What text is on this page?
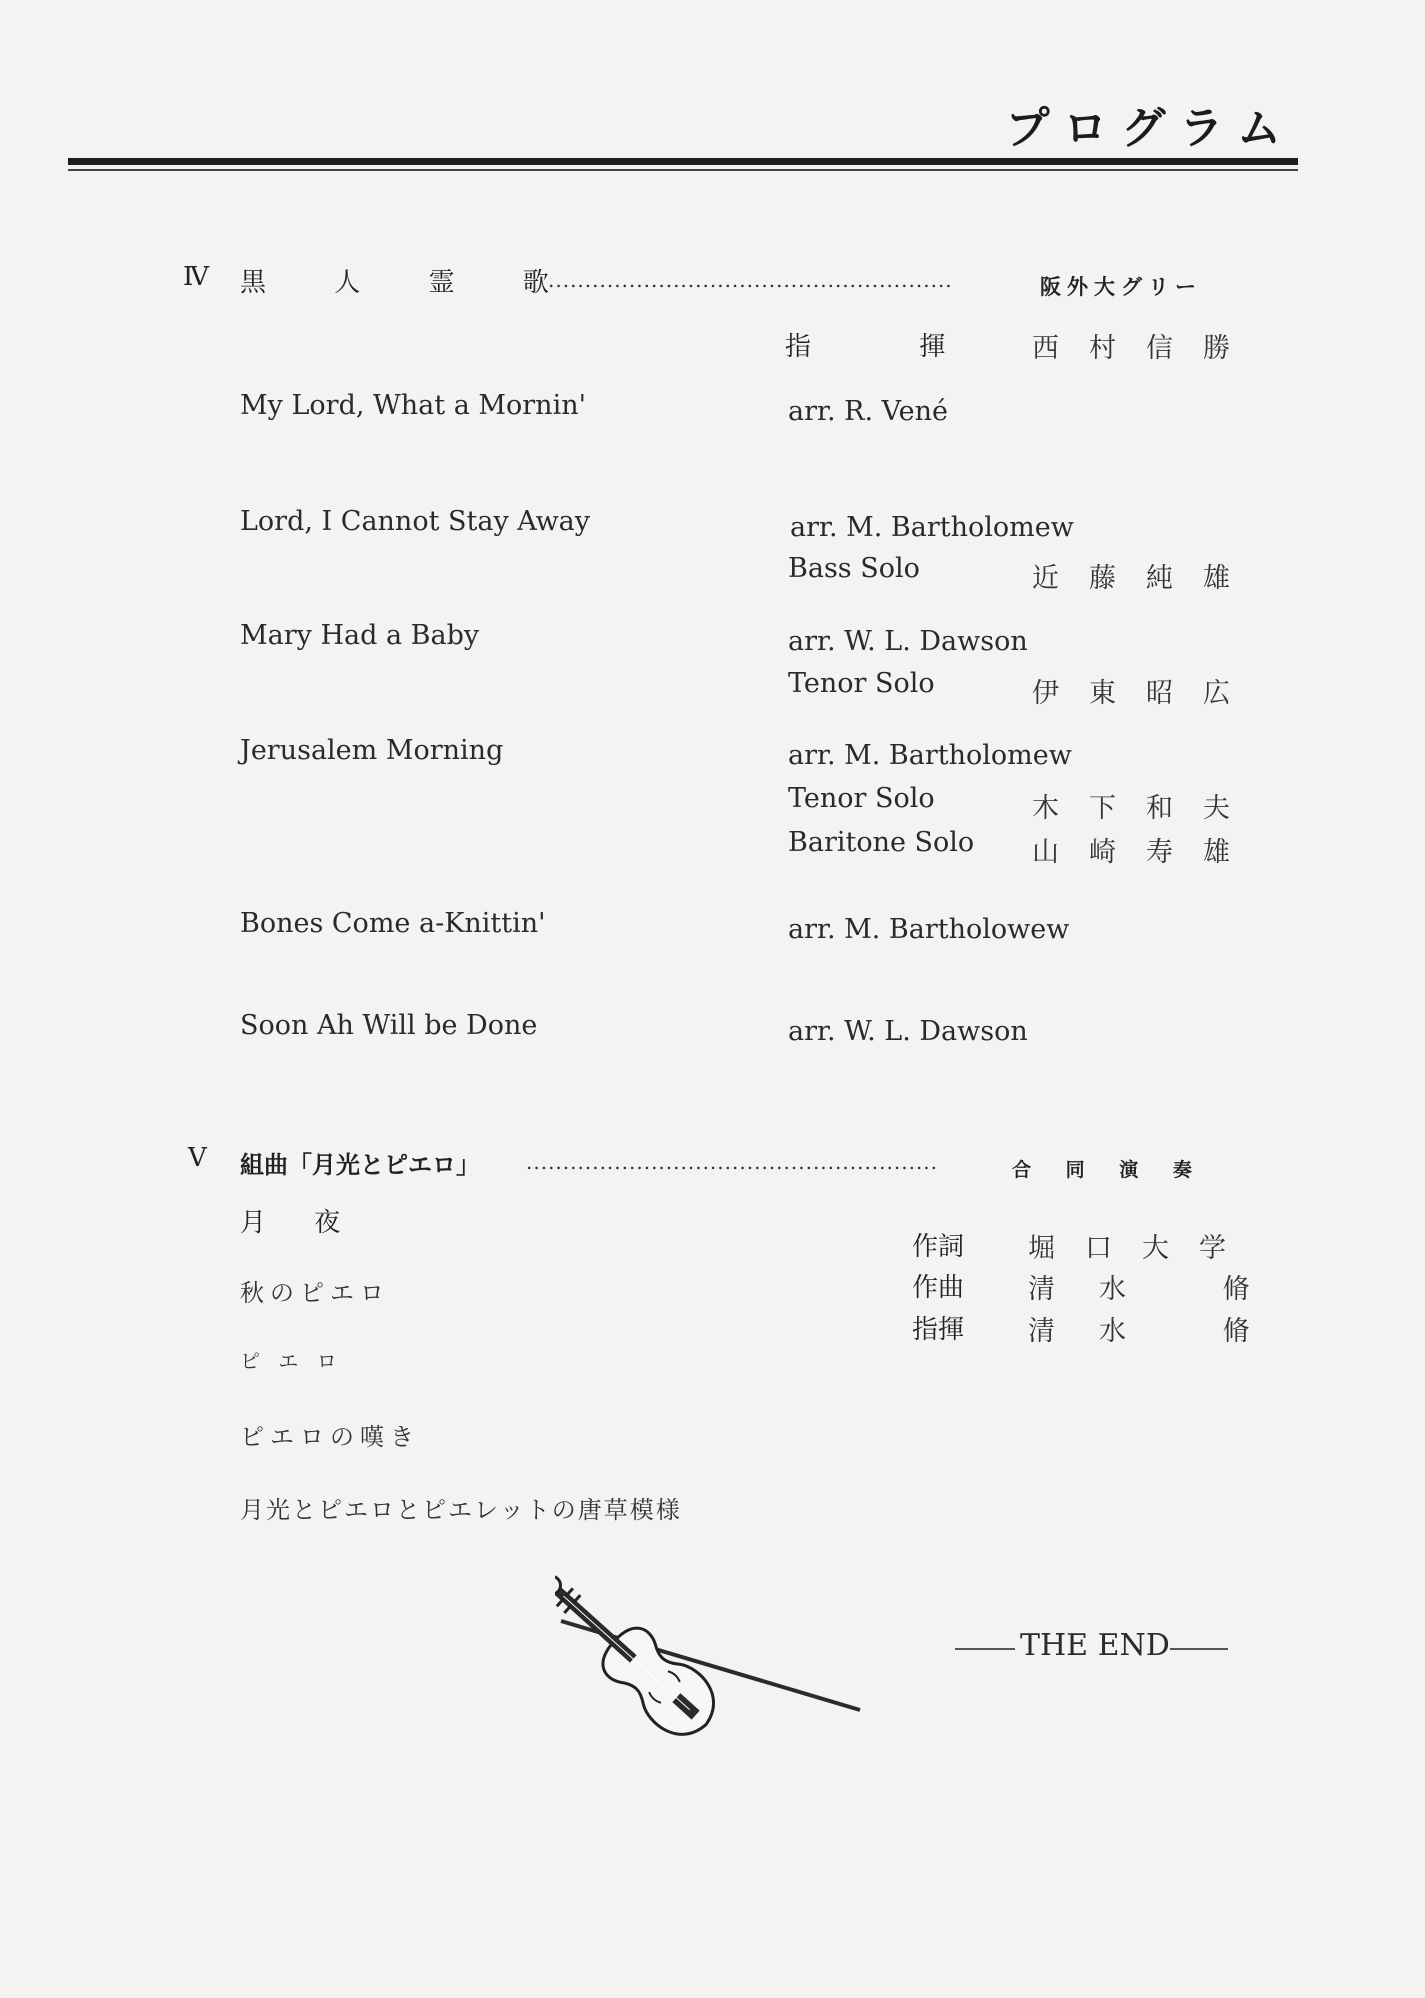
プログラム
Ⅳ 黒 人 霊 歌
.......................................................	阪外大グリー
指 揮	西村信勝
My Lord, What a Mornin'	arr. R. Vené
Lord, I Cannot Stay Away	arr. M. Bartholomew
Bass Solo	近藤純雄
Mary Had a Baby	arr. W. L. Dawson
Tenor Solo	伊東昭広
Jerusalem Morning	arr. M. Bartholomew
Tenor Solo	木下和夫
Baritone Solo 山崎寿雄
Bones Come a-Knittin'	arr. M. Bartholowew
Soon Ah Will be Done	arr. W. L. Dawson
V 組曲「月光とピエロ」 ........................................................	合 同 演 奏
月 夜
秋のピエロ
ピ エ ロ
ピエロの嘆き
月光とピエロとピエレットの唐草模様
作詞 堀口大学
作曲 清水 脩
指揮 清水 脩
THE END
